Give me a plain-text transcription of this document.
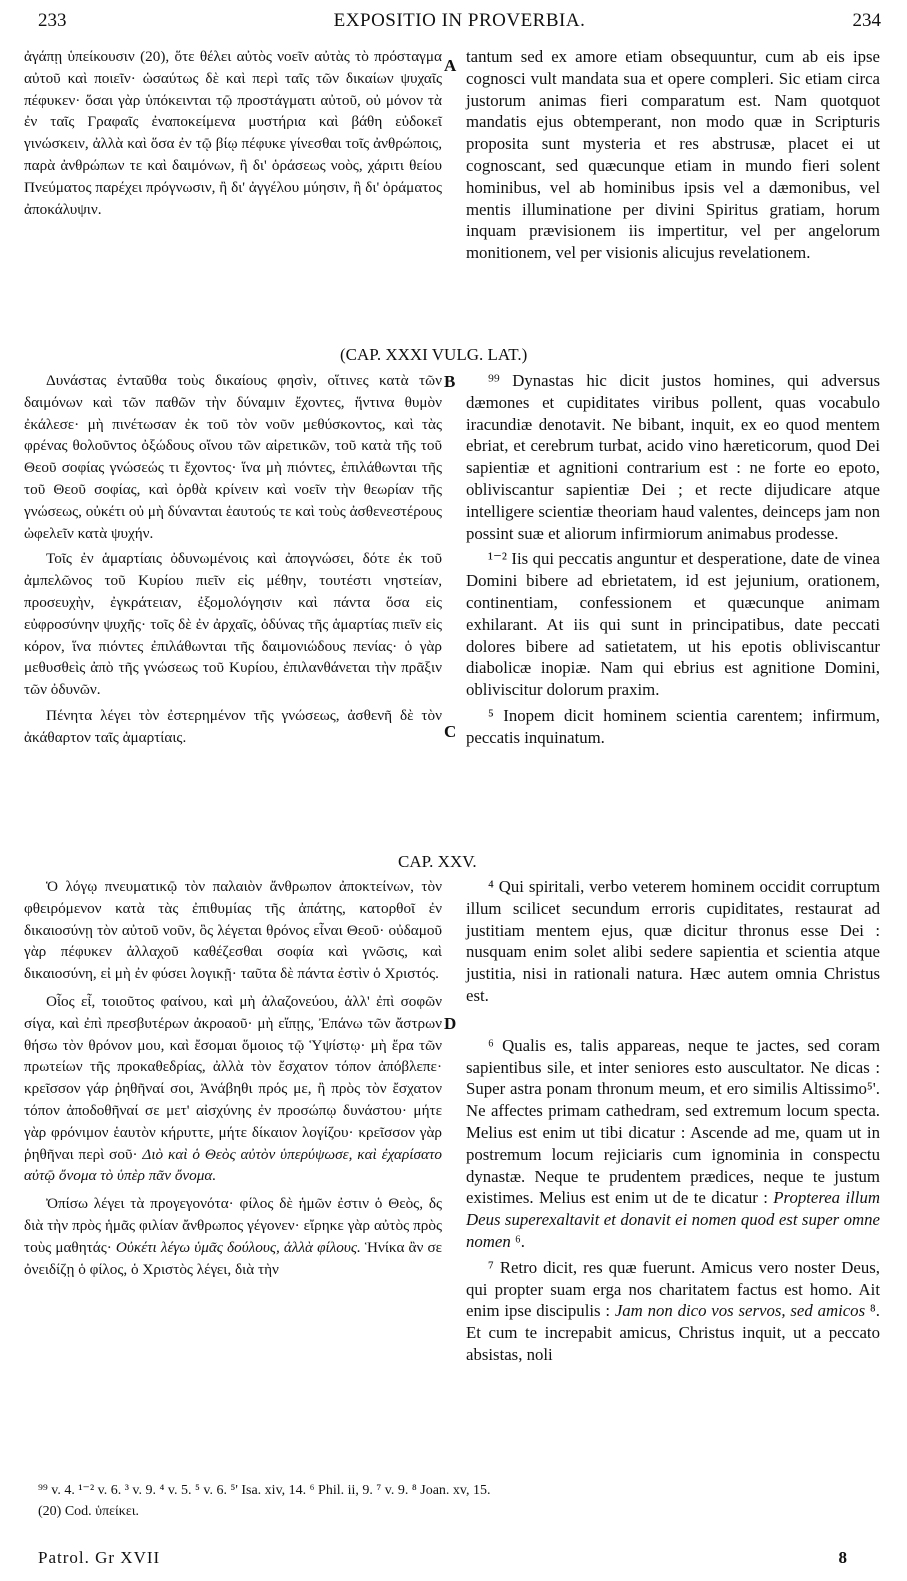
233	EXPOSITIO IN PROVERBIA.	234

ἀγάπῃ ὑπείκουσιν (20), ὅτε θέλει αὐτὸς νοεῖν αὐτὰς τὸ πρόσταγμα αὐτοῦ καὶ ποιεῖν· ὡσαύτως δὲ καὶ περὶ ταῖς τῶν δικαίων ψυχαῖς πέφυκεν· ὅσαι γὰρ ὑπόκεινται τῷ προστάγματι αὐτοῦ, οὐ μόνον τὰ ἐν ταῖς Γραφαῖς ἐναποκείμενα μυστήρια καὶ βάθη εὐδοκεῖ γινώσκειν, ἀλλὰ καὶ ὅσα ἐν τῷ βίῳ πέφυκε γίνεσθαι τοῖς ἀνθρώποις, παρὰ ἀνθρώπων τε καὶ δαιμόνων, ἢ δι' ὁράσεως νοὸς, χάριτι θείου Πνεύματος παρέχει πρόγνωσιν, ἢ δι' ἀγγέλου μύησιν, ἢ δι' ὁράματος ἀποκάλυψιν.

A tantum sed ex amore etiam obsequuntur, cum ab eis ipse cognosci vult mandata sua et opere compleri. Sic etiam circa justorum animas fieri comparatum est. Nam quotquot mandatis ejus obtemperant, non modo quæ in Scripturis proposita sunt mysteria et res abstrusæ, placet ei ut cognoscant, sed quæcunque etiam in mundo fieri solent hominibus, vel ab hominibus ipsis vel a dæmonibus, vel mentis illuminatione per divini Spiritus gratiam, horum inquam prævisionem iis impertitur, vel per angelorum monitionem, vel per visionis alicujus revelationem.

(CAP. XXXI VULG. LAT.)

Δυνάστας ἐνταῦθα τοὺς δικαίους φησὶν, οἵτινες κατὰ τῶν δαιμόνων καὶ τῶν παθῶν τὴν δύναμιν ἔχοντες, ἥντινα θυμὸν ἐκάλεσε· μὴ πινέτωσαν ἐκ τοῦ τὸν νοῦν μεθύσκοντος, καὶ τὰς φρένας θολοῦντος ὀξώδους οἴνου τῶν αἱρετικῶν, τοῦ κατὰ τῆς τοῦ Θεοῦ σοφίας γνώσεώς τι ἔχοντος· ἵνα μὴ πιόντες, ἐπιλάθωνται τῆς τοῦ Θεοῦ σοφίας, καὶ ὀρθὰ κρίνειν καὶ νοεῖν τὴν θεωρίαν τῆς γνώσεως, οὐκέτι οὐ μὴ δύνανται ἑαυτούς τε καὶ τοὺς ἀσθενεστέρους ὠφελεῖν κατὰ ψυχήν.

Τοῖς ἐν ἁμαρτίαις ὀδυνωμένοις καὶ ἀπογνώσει, δότε ἐκ τοῦ ἀμπελῶνος τοῦ Κυρίου πιεῖν εἰς μέθην, τουτέστι νηστείαν, προσευχὴν, ἐγκράτειαν, ἐξομολόγησιν καὶ πάντα ὅσα εἰς εὐφροσύνην ψυχῆς· τοῖς δὲ ἐν ἀρχαῖς, ὀδύνας τῆς ἁμαρτίας πιεῖν εἰς κόρον, ἵνα πιόντες ἐπιλάθωνται τῆς δαιμονιώδους πενίας· ὁ γὰρ μεθυσθεὶς ἀπὸ τῆς γνώσεως τοῦ Κυρίου, ἐπιλανθάνεται τὴν πρᾶξιν τῶν ὀδυνῶν.

Πένητα λέγει τὸν ἐστερημένον τῆς γνώσεως, ἀσθενῆ δὲ τὸν ἀκάθαρτον ταῖς ἁμαρτίαις.

B
C

⁹⁹ Dynastas hic dicit justos homines, qui adversus dæmones et cupiditates viribus pollent, quas vocabulo iracundiæ denotavit. Ne bibant, inquit, ex eo quod mentem ebriat, et cerebrum turbat, acido vino hæreticorum, quod Dei sapientiæ et agnitioni contrarium est : ne forte eo epoto, obliviscantur sapientiæ Dei ; et recte dijudicare atque intelligere scientiæ theoriam haud valentes, deinceps jam non possint suæ et aliorum infirmiorum animabus prodesse.

¹⁻² Iis qui peccatis anguntur et desperatione, date de vinea Domini bibere ad ebrietatem, id est jejunium, orationem, continentiam, confessionem et quæcunque animam exhilarant. At iis qui sunt in principatibus, date peccati dolores bibere ad satietatem, ut his epotis obliviscantur diabolicæ inopiæ. Nam qui ebrius est agnitione Domini, obliviscitur dolorum praxim.

⁵ Inopem dicit hominem scientia carentem; infirmum, peccatis inquinatum.

CAP. XXV.

Ὁ λόγῳ πνευματικῷ τὸν παλαιὸν ἄνθρωπον ἀποκτείνων, τὸν φθειρόμενον κατὰ τὰς ἐπιθυμίας τῆς ἀπάτης, κατορθοῖ ἐν δικαιοσύνῃ τὸν αὐτοῦ νοῦν, ὃς λέγεται θρόνος εἶναι Θεοῦ· οὐδαμοῦ γὰρ πέφυκεν ἀλλαχοῦ καθέζεσθαι σοφία καὶ γνῶσις, καὶ δικαιοσύνη, εἰ μὴ ἐν φύσει λογικῇ· ταῦτα δὲ πάντα ἐστὶν ὁ Χριστός.

Οἷος εἶ, τοιοῦτος φαίνου, καὶ μὴ ἀλαζονεύου, ἀλλ' ἐπὶ σοφῶν σίγα, καὶ ἐπὶ πρεσβυτέρων ἀκροαοῦ· μὴ εἴπῃς, Ἐπάνω τῶν ἄστρων θήσω τὸν θρόνον μου, καὶ ἔσομαι ὅμοιος τῷ Ὑψίστῳ· μὴ ἔρα τῶν πρωτείων τῆς προκαθεδρίας, ἀλλὰ τὸν ἔσχατον τόπον ἀπόβλεπε· κρεῖσσον γάρ ῥηθῆναί σοι, Ἀνάβηθι πρός με, ἢ πρὸς τὸν ἔσχατον τόπον ἀποδοθῆναί σε μετ' αἰσχύνης ἐν προσώπῳ δυνάστου· μήτε γὰρ φρόνιμον ἑαυτὸν κήρυττε, μήτε δίκαιον λογίζου· κρεῖσσον γὰρ ῥηθῆναι περὶ σοῦ· Διὸ καὶ ὁ Θεὸς αὐτὸν ὑπερύψωσε, καὶ ἐχαρίσατο αὐτῷ ὄνομα τὸ ὑπὲρ πᾶν ὄνομα.

Ὀπίσω λέγει τὰ προγεγονότα· φίλος δὲ ἡμῶν ἐστιν ὁ Θεὸς, δς διὰ τὴν πρὸς ἡμᾶς φιλίαν ἄνθρωπος γέγονεν· εἴρηκε γὰρ αὐτὸς πρὸς τοὺς μαθητάς· Οὐκέτι λέγω ὑμᾶς δούλους, ἀλλὰ φίλους. Ἡνίκα ἂν σε ὀνειδίζῃ ὁ φίλος, ὁ Χριστὸς λέγει, διὰ τὴν

D

⁴ Qui spiritali, verbo veterem hominem occidit corruptum illum scilicet secundum erroris cupiditates, restaurat ad justitiam mentem ejus, quæ dicitur thronus esse Dei : nusquam enim solet alibi sedere sapientia et scientia atque justitia, nisi in rationali natura. Hæc autem omnia Christus est.

⁶ Qualis es, talis appareas, neque te jactes, sed coram sapientibus sile, et inter seniores esto auscultator. Ne dicas : Super astra ponam thronum meum, et ero similis Altissimo⁵'. Ne affectes primam cathedram, sed extremum locum specta. Melius est enim ut tibi dicatur : Ascende ad me, quam ut in postremum locum rejiciaris cum ignominia in conspectu dynastæ. Neque te prudentem prædices, neque te justum existimes. Melius est enim ut de te dicatur : Propterea illum Deus superexaltavit et donavit ei nomen quod est super omne nomen ⁶.

⁷ Retro dicit, res quæ fuerunt. Amicus vero noster Deus, qui propter suam erga nos charitatem factus est homo. Ait enim ipse discipulis : Jam non dico vos servos, sed amicos ⁸. Et cum te increpabit amicus, Christus inquit, ut a peccato absistas, noli

⁹⁹ v. 4. ¹⁻² v. 6. ³ v. 9. ⁴ v. 5. ⁵ v. 6. ⁵' Isa. xiv, 14. ⁶ Phil. ii, 9. ⁷ v. 9. ⁸ Joan. xv, 15.
(20) Cod. ὑπείκει.
Patrol. Gr XVII	8
